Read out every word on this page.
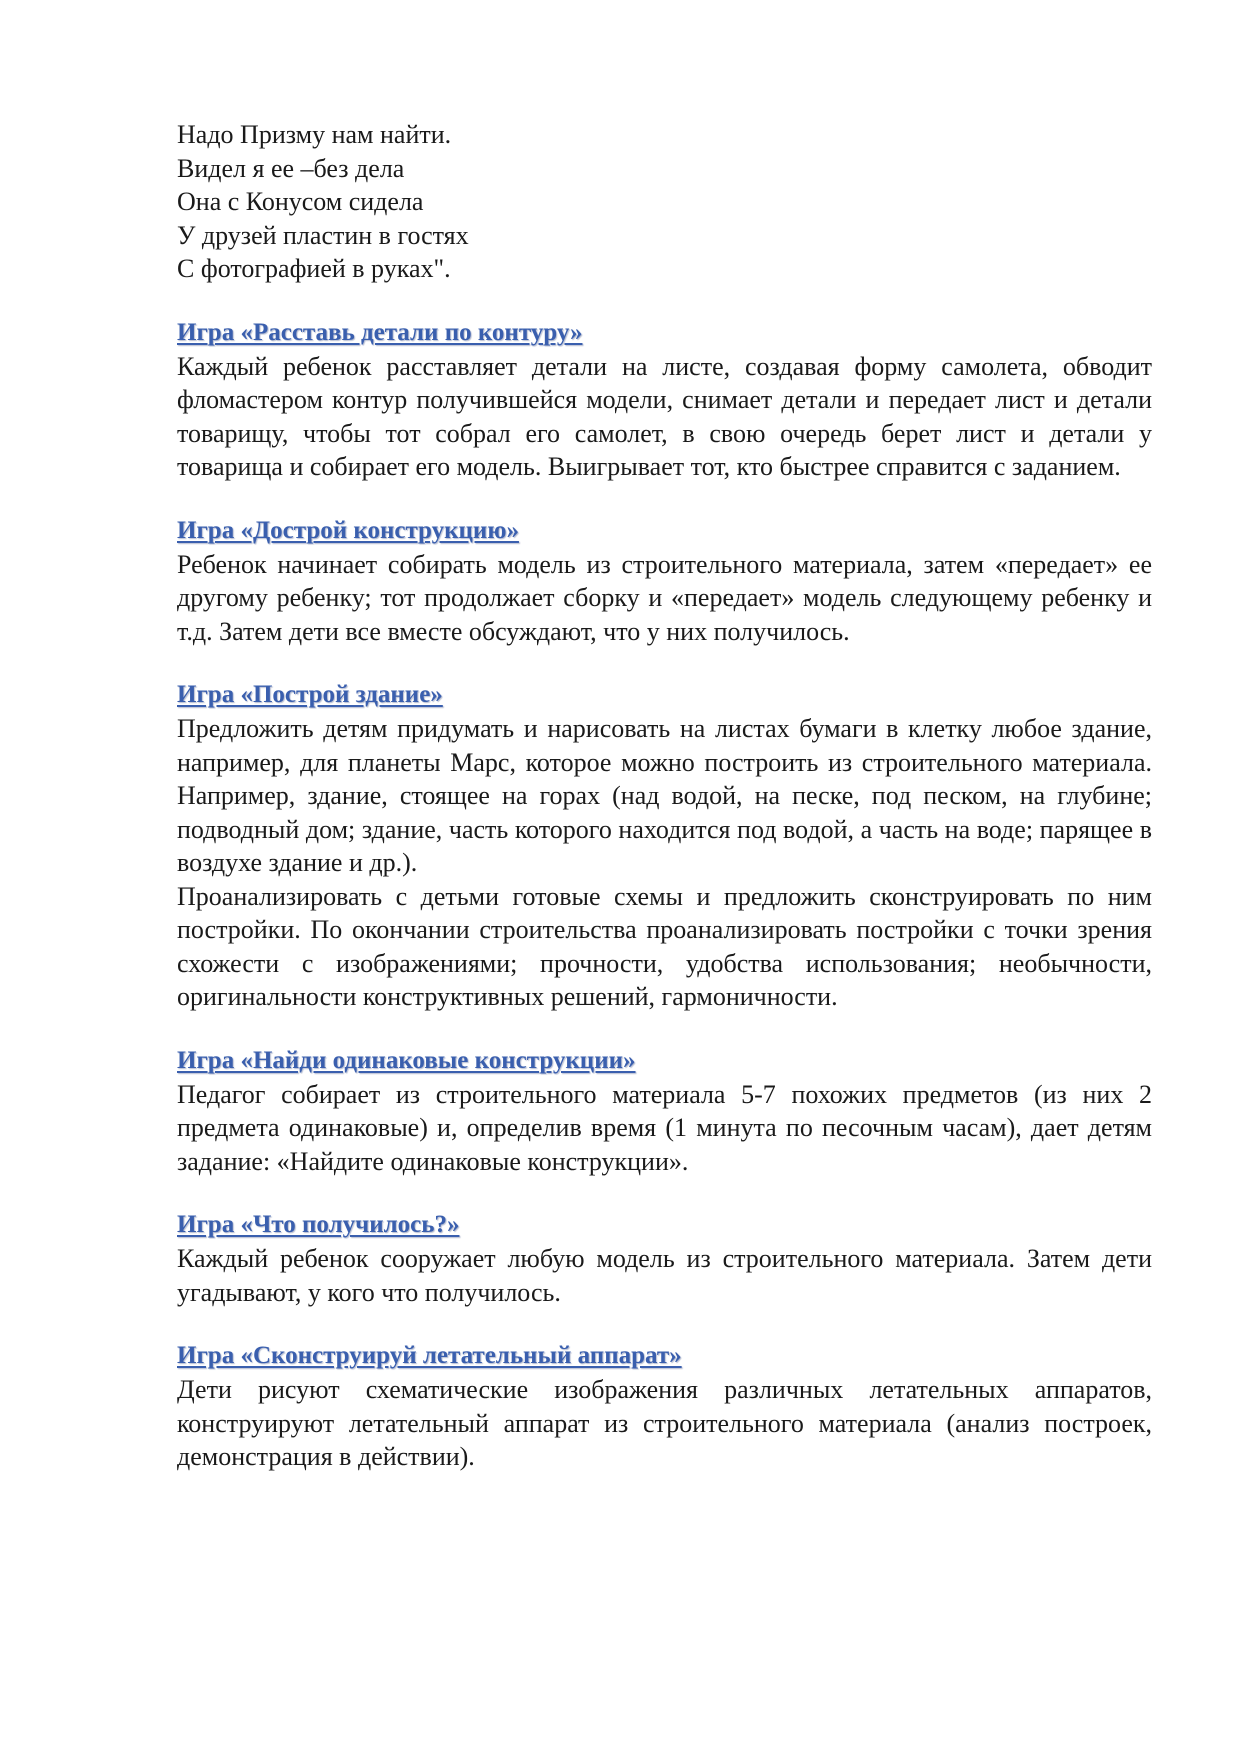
Надо Призму нам найти.
Видел я ее –без дела
Она с Конусом сидела
У друзей пластин в гостях
С фотографией в руках".
Игра «Расставь детали по контуру»

Каждый ребенок расставляет детали на листе, создавая форму самолета, обводит фломастером контур получившейся модели, снимает детали и передает лист и детали товарищу, чтобы тот собрал его самолет, в свою очередь берет лист и детали у товарища и собирает его модель. Выигрывает тот, кто быстрее справится с заданием.

Игра «Дострой конструкцию»

Ребенок начинает собирать модель из строительного материала, затем «передает» ее другому ребенку; тот продолжает сборку и «передает» модель следующему ребенку и т.д. Затем дети все вместе обсуждают, что у них получилось.

Игра «Построй здание»

Предложить детям придумать и нарисовать на листах бумаги в клетку любое здание, например, для планеты Марс, которое можно построить из строительного материала. Например, здание, стоящее на горах (над водой, на песке, под песком, на глубине; подводный дом; здание, часть которого находится под водой, а часть на воде; парящее в воздухе здание и др.).

Проанализировать с детьми готовые схемы и предложить сконструировать по ним постройки. По окончании строительства проанализировать постройки с точки зрения схожести с изображениями; прочности, удобства использования; необычности, оригинальности конструктивных решений, гармоничности.

Игра «Найди одинаковые конструкции»

Педагог собирает из строительного материала 5-7 похожих предметов (из них 2 предмета одинаковые) и, определив время (1 минута по песочным часам), дает детям задание: «Найдите одинаковые конструкции».

Игра «Что получилось?»

Каждый ребенок сооружает любую модель из строительного материала. Затем дети угадывают, у кого что получилось.

Игра «Сконструируй летательный аппарат»

Дети рисуют схематические изображения различных летательных аппаратов, конструируют летательный аппарат из строительного материала (анализ построек, демонстрация в действии).
